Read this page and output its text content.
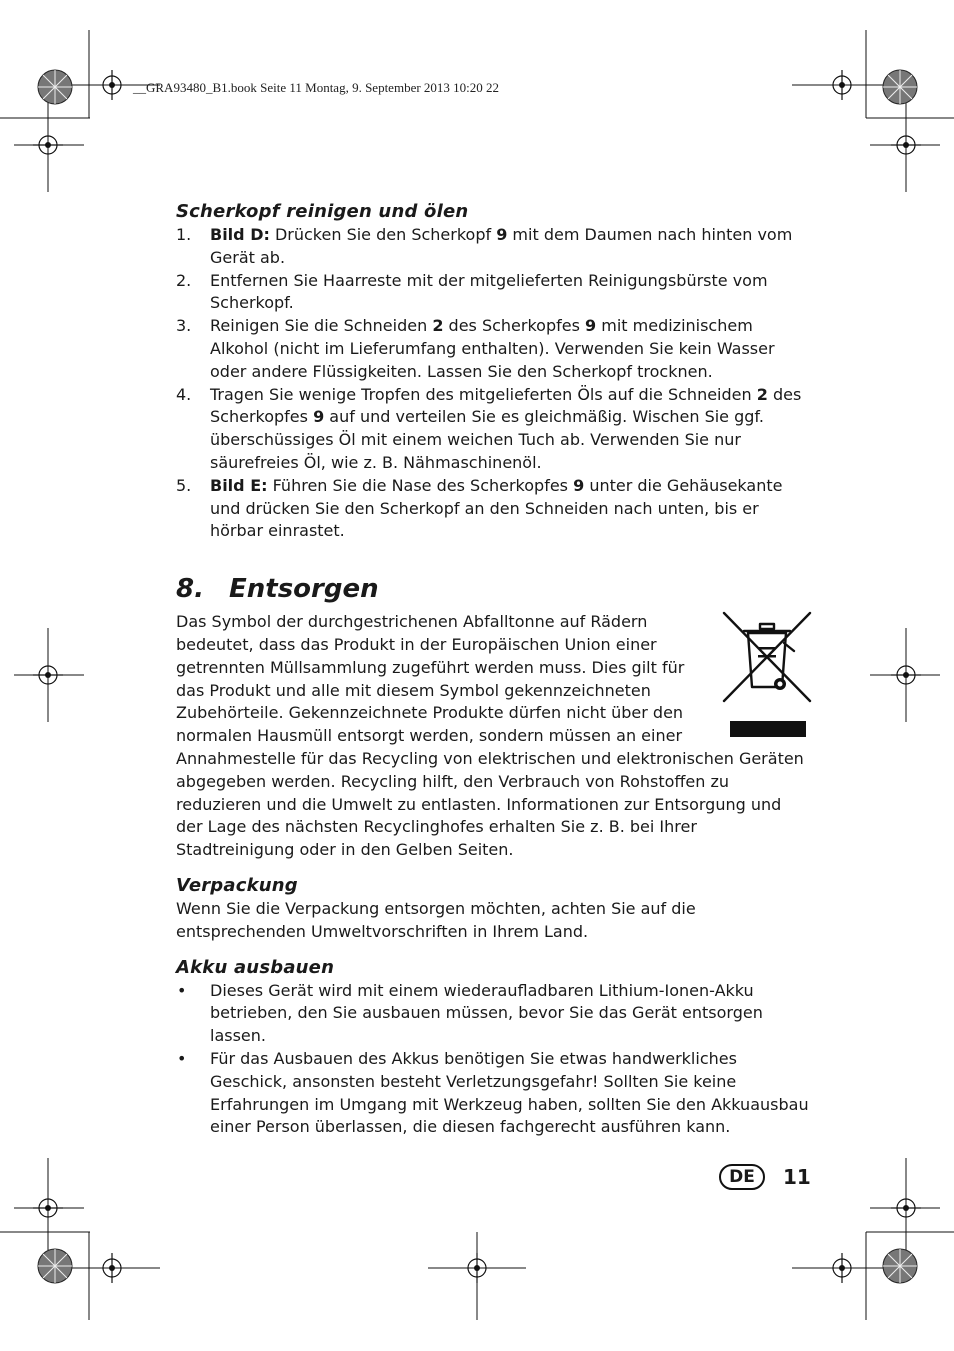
__GRA93480_B1.book Seite 11 Montag, 9. September 2013 10:20 22
Scherkopf reinigen und ölen
1. Bild D: Drücken Sie den Scherkopf 9 mit dem Daumen nach hinten vom Gerät ab.
2. Entfernen Sie Haarreste mit der mitgelieferten Reinigungsbürste vom Scherkopf.
3. Reinigen Sie die Schneiden 2 des Scherkopfes 9 mit medizinischem Alkohol (nicht im Lieferumfang enthalten). Verwenden Sie kein Wasser oder andere Flüssigkeiten. Lassen Sie den Scherkopf trocknen.
4. Tragen Sie wenige Tropfen des mitgelieferten Öls auf die Schneiden 2 des Scherkopfes 9 auf und verteilen Sie es gleichmäßig. Wischen Sie ggf. überschüssiges Öl mit einem weichen Tuch ab. Verwenden Sie nur säurefreies Öl, wie z. B. Nähmaschinenöl.
5. Bild E: Führen Sie die Nase des Scherkopfes 9 unter die Gehäusekante und drücken Sie den Scherkopf an den Schneiden nach unten, bis er hörbar einrastet.
8. Entsorgen

Das Symbol der durchgestrichenen Abfalltonne auf Rädern bedeutet, dass das Produkt in der Europäischen Union einer getrennten Müllsammlung zugeführt werden muss. Dies gilt für das Produkt und alle mit diesem Symbol gekennzeichneten Zubehörteile. Gekennzeichnete Produkte dürfen nicht über den normalen Hausmüll entsorgt werden, sondern müssen an einer Annahmestelle für das Recycling von elektrischen und elektronischen Geräten abgegeben werden. Recycling hilft, den Verbrauch von Rohstoffen zu reduzieren und die Umwelt zu entlasten. Informationen zur Entsorgung und der Lage des nächsten Recyclinghofes erhalten Sie z. B. bei Ihrer Stadtreinigung oder in den Gelben Seiten.

Verpackung

Wenn Sie die Verpackung entsorgen möchten, achten Sie auf die entsprechenden Umweltvorschriften in Ihrem Land.

Akku ausbauen
• Dieses Gerät wird mit einem wiederaufladbaren Lithium-Ionen-Akku betrieben, den Sie ausbauen müssen, bevor Sie das Gerät entsorgen lassen.
• Für das Ausbauen des Akkus benötigen Sie etwas handwerkliches Geschick, ansonsten besteht Verletzungsgefahr! Sollten Sie keine Erfahrungen im Umgang mit Werkzeug haben, sollten Sie den Akkuausbau einer Person überlassen, die diesen fachgerecht ausführen kann.
DE	11
